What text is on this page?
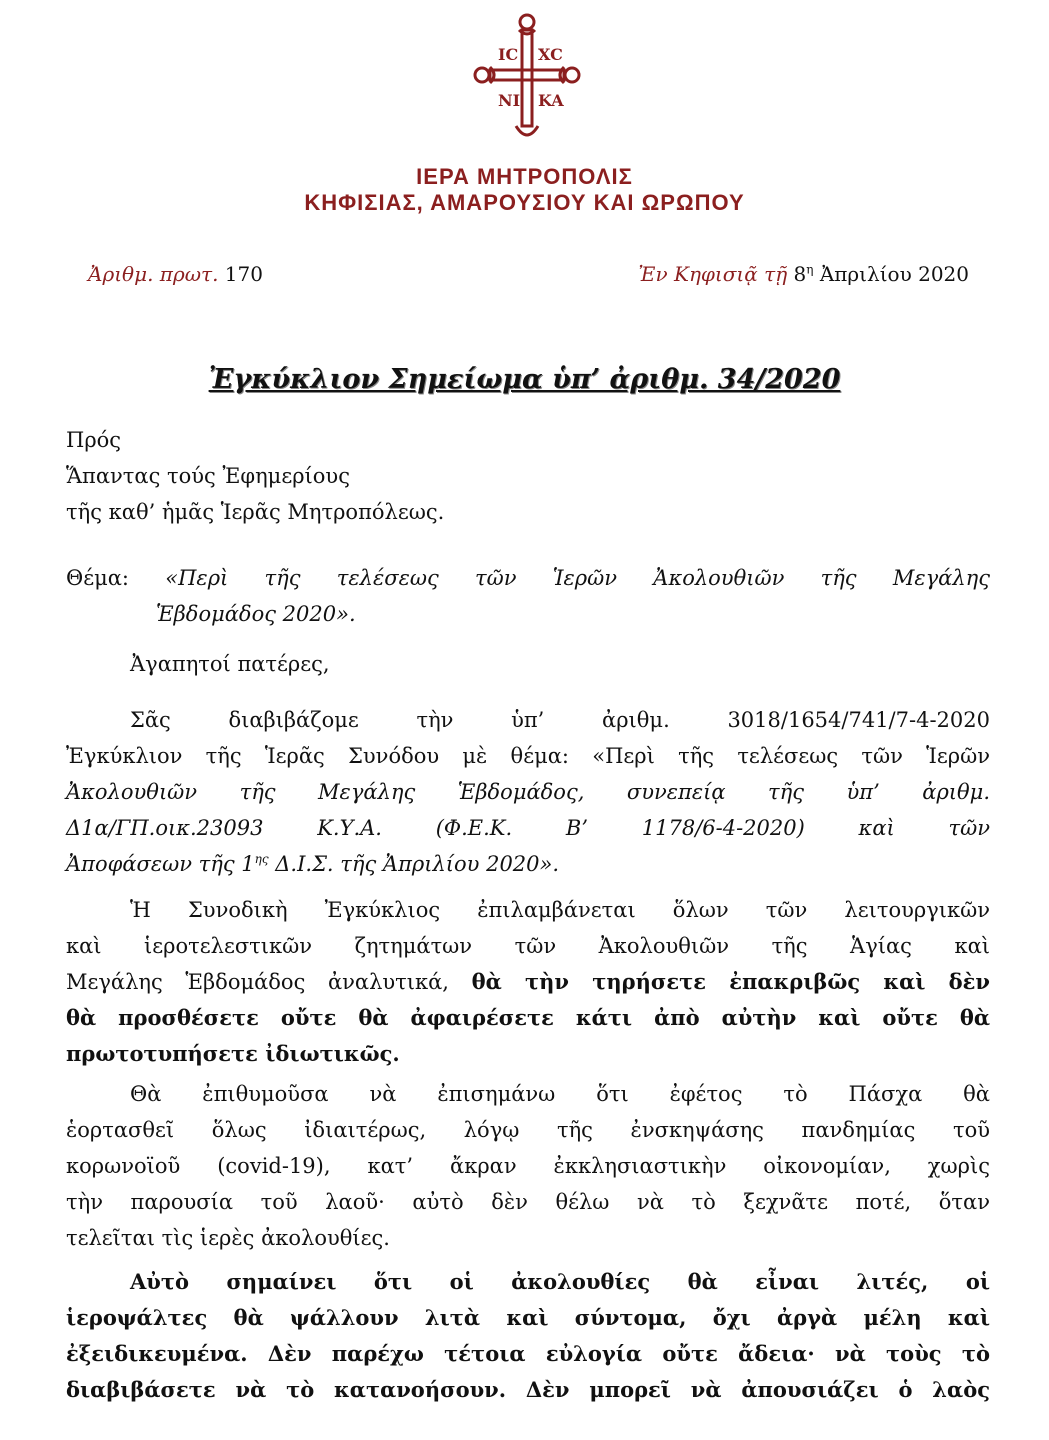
IC XC
NI KA
ΙΕΡΑ ΜΗΤΡΟΠΟΛΙΣ
ΚΗΦΙΣΙΑΣ, ΑΜΑΡΟΥΣΙΟΥ ΚΑΙ ΩΡΩΠΟΥ
Ἀριθμ. πρωτ. 170	Ἐν Κηφισιᾷ τῇ $8^\eta$ Ἀπριλίου 2020
Ἐγκύκλιον Σημείωμα ὑπ’ ἀριθμ. 34/2020
Πρός
Ἅπαντας τούς Ἐφημερίους
τῆς καθ’ ἡμᾶς Ἱερᾶς Μητροπόλεως.
Θέμα: «Περὶ τῆς τελέσεως τῶν Ἱερῶν Ἀκολουθιῶν τῆς Μεγάλης
Ἑβδομάδος 2020».
Ἀγαπητοί πατέρες,
Σᾶς διαβιβάζομε τὴν ὑπ’ ἀριθμ. 3018/1654/741/7-4-2020
Ἐγκύκλιον τῆς Ἱερᾶς Συνόδου μὲ θέμα: «Περὶ τῆς τελέσεως τῶν Ἱερῶν
Ἀκολουθιῶν τῆς Μεγάλης Ἑβδομάδος, συνεπείᾳ τῆς ὑπ’ ἀριθμ.
Δ1α/ΓΠ.οικ.23093 Κ.Υ.Α. (Φ.Ε.Κ. Β’ 1178/6-4-2020) καὶ τῶν
Ἀποφάσεων τῆς $1^{\eta\varsigma}$ Δ.Ι.Σ. τῆς Ἀπριλίου 2020».
Ἡ Συνοδικὴ Ἐγκύκλιος ἐπιλαμβάνεται ὅλων τῶν λειτουργικῶν
καὶ ἱεροτελεστικῶν ζητημάτων τῶν Ἀκολουθιῶν τῆς Ἁγίας καὶ
Μεγάλης Ἑβδομάδος ἀναλυτικά, θὰ τὴν τηρήσετε ἐπακριβῶς καὶ δὲν
θὰ προσθέσετε οὔτε θὰ ἀφαιρέσετε κάτι ἀπὸ αὐτὴν καὶ οὔτε θὰ
πρωτοτυπήσετε ἰδιωτικῶς.
Θὰ ἐπιθυμοῦσα νὰ ἐπισημάνω ὅτι ἐφέτος τὸ Πάσχα θὰ
ἑορτασθεῖ ὅλως ἰδιαιτέρως, λόγῳ τῆς ἐνσκηψάσης πανδημίας τοῦ
κορωνοϊοῦ (covid-19), κατ’ ἄκραν ἐκκλησιαστικὴν οἰκονομίαν, χωρὶς
τὴν παρουσία τοῦ λαοῦ· αὐτὸ δὲν θέλω νὰ τὸ ξεχνᾶτε ποτέ, ὅταν
τελεῖται τὶς ἱερὲς ἀκολουθίες.
Αὐτὸ σημαίνει ὅτι οἱ ἀκολουθίες θὰ εἶναι λιτές, οἱ
ἱεροψάλτες θὰ ψάλλουν λιτὰ καὶ σύντομα, ὄχι ἀργὰ μέλη καὶ
ἐξειδικευμένα. Δὲν παρέχω τέτοια εὐλογία οὔτε ἄδεια· νὰ τοὺς τὸ
διαβιβάσετε νὰ τὸ κατανοήσουν. Δὲν μπορεῖ νὰ ἀπουσιάζει ὁ λαὸς
